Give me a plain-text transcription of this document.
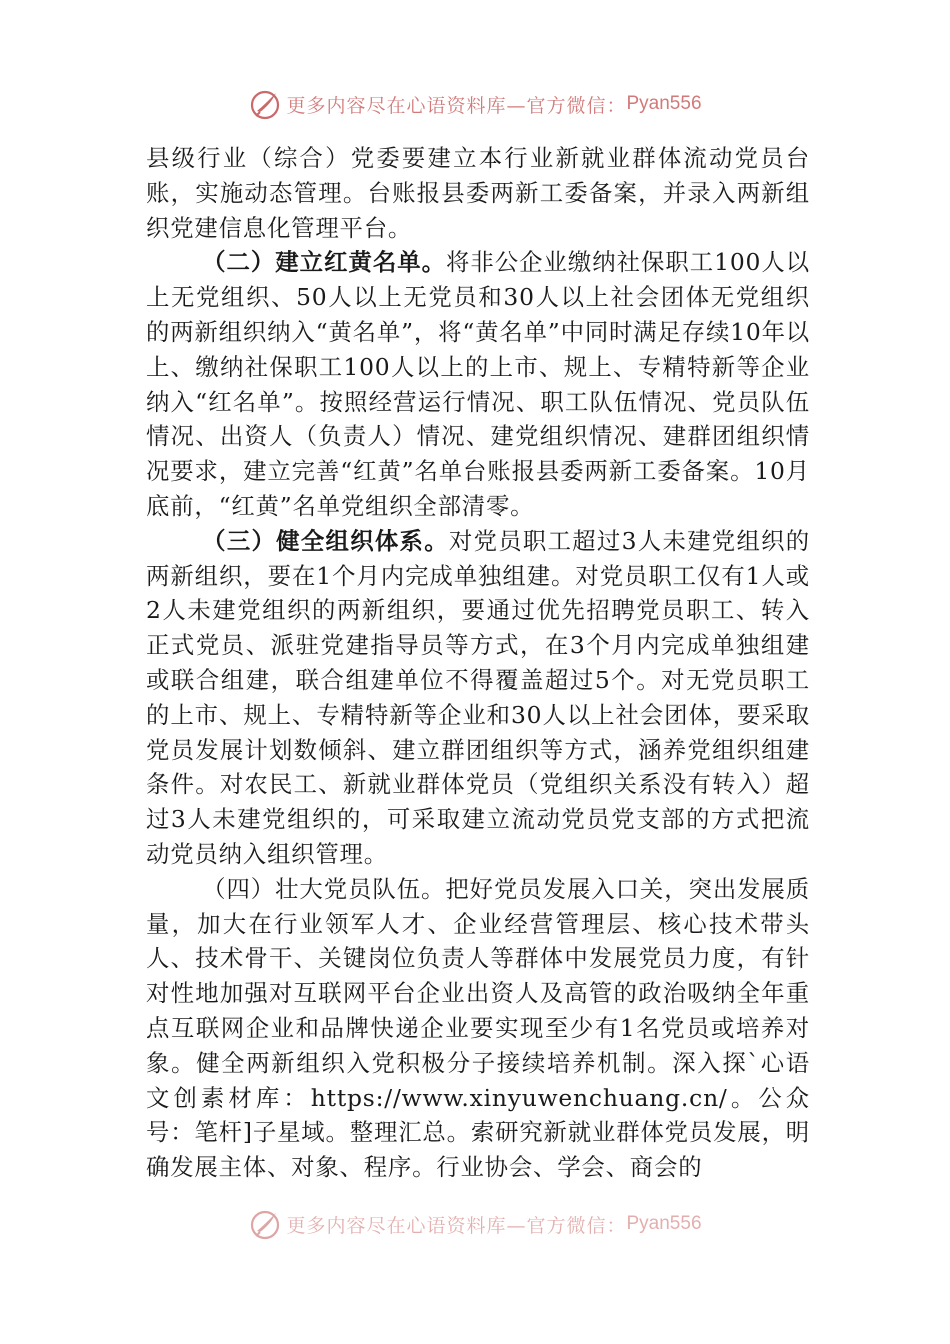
更多内容尽在心语资料库—官方微信： Pyan556

县级行业（综合）党委要建立本行业新就业群体流动党员台账，实施动态管理。台账报县委两新工委备案，并录入两新组织党建信息化管理平台。

（二）建立红黄名单。将非公企业缴纳社保职工100人以上无党组织、50人以上无党员和30人以上社会团体无党组织的两新组织纳入“黄名单”，将“黄名单”中同时满足存续10年以上、缴纳社保职工100人以上的上市、规上、专精特新等企业纳入“红名单”。按照经营运行情况、职工队伍情况、党员队伍情况、出资人（负责人）情况、建党组织情况、建群团组织情况要求，建立完善“红黄”名单台账报县委两新工委备案。10月底前，“红黄”名单党组织全部清零。

（三）健全组织体系。对党员职工超过3人未建党组织的两新组织，要在1个月内完成单独组建。对党员职工仅有1人或2人未建党组织的两新组织，要通过优先招聘党员职工、转入正式党员、派驻党建指导员等方式，在3个月内完成单独组建或联合组建，联合组建单位不得覆盖超过5个。对无党员职工的上市、规上、专精特新等企业和30人以上社会团体，要采取党员发展计划数倾斜、建立群团组织等方式，涵养党组织组建条件。对农民工、新就业群体党员（党组织关系没有转入）超过3人未建党组织的，可采取建立流动党员党支部的方式把流动党员纳入组织管理。

（四）壮大党员队伍。把好党员发展入口关，突出发展质量，加大在行业领军人才、企业经营管理层、核心技术带头人、技术骨干、关键岗位负责人等群体中发展党员力度，有针对性地加强对互联网平台企业出资人及高管的政治吸纳全年重点互联网企业和品牌快递企业要实现至少有1名党员或培养对象。健全两新组织入党积极分子接续培养机制。深入探`心语文创素材库：https://www.xinyuwenchuang.cn/。公众号：笔杆]子星域。整理汇总。索研究新就业群体党员发展，明确发展主体、对象、程序。行业协会、学会、商会的

更多内容尽在心语资料库—官方微信： Pyan556
